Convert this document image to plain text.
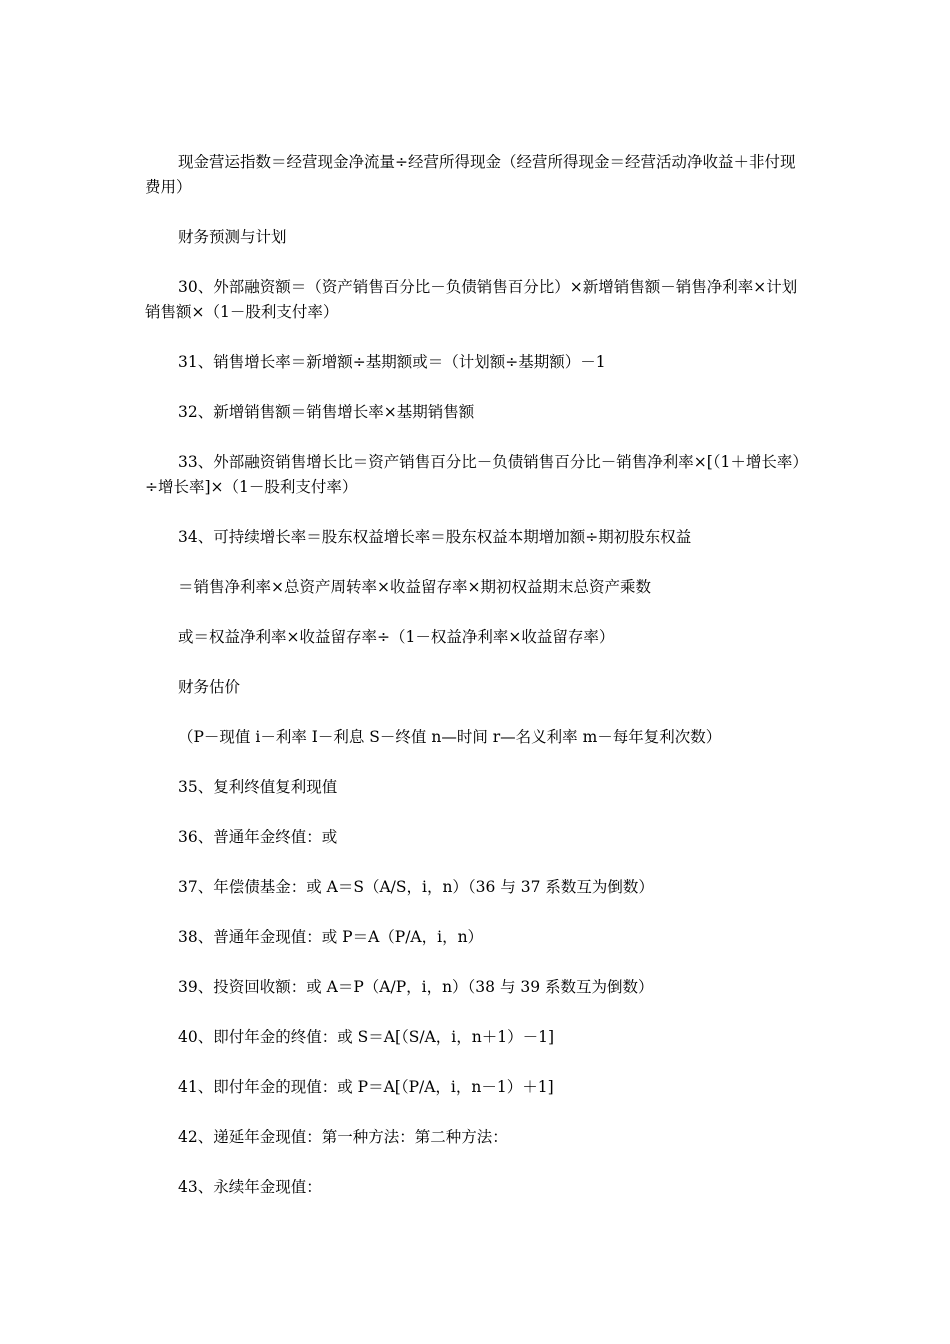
现金营运指数＝经营现金净流量÷经营所得现金（经营所得现金＝经营活动净收益＋非付现费用）

财务预测与计划

30、外部融资额＝（资产销售百分比－负债销售百分比）×新增销售额－销售净利率×计划销售额×（1－股利支付率）

31、销售增长率＝新增额÷基期额或＝（计划额÷基期额）－1

32、新增销售额＝销售增长率×基期销售额

33、外部融资销售增长比＝资产销售百分比－负债销售百分比－销售净利率×[（1＋增长率）÷增长率]×（1－股利支付率）

34、可持续增长率＝股东权益增长率＝股东权益本期增加额÷期初股东权益

＝销售净利率×总资产周转率×收益留存率×期初权益期末总资产乘数

或＝权益净利率×收益留存率÷（1－权益净利率×收益留存率）

财务估价

（P－现值 i－利率 I－利息 S－终值 n—时间 r—名义利率 m－每年复利次数）

35、复利终值复利现值

36、普通年金终值：或

37、年偿债基金：或 A＝S（A/S，i，n）（36 与 37 系数互为倒数）

38、普通年金现值：或 P＝A（P/A，i，n）

39、投资回收额：或 A＝P（A/P，i，n）（38 与 39 系数互为倒数）

40、即付年金的终值：或 S＝A[（S/A，i，n＋1）－1]

41、即付年金的现值：或 P＝A[（P/A，i，n－1）＋1]

42、递延年金现值：第一种方法：第二种方法：

43、永续年金现值：
